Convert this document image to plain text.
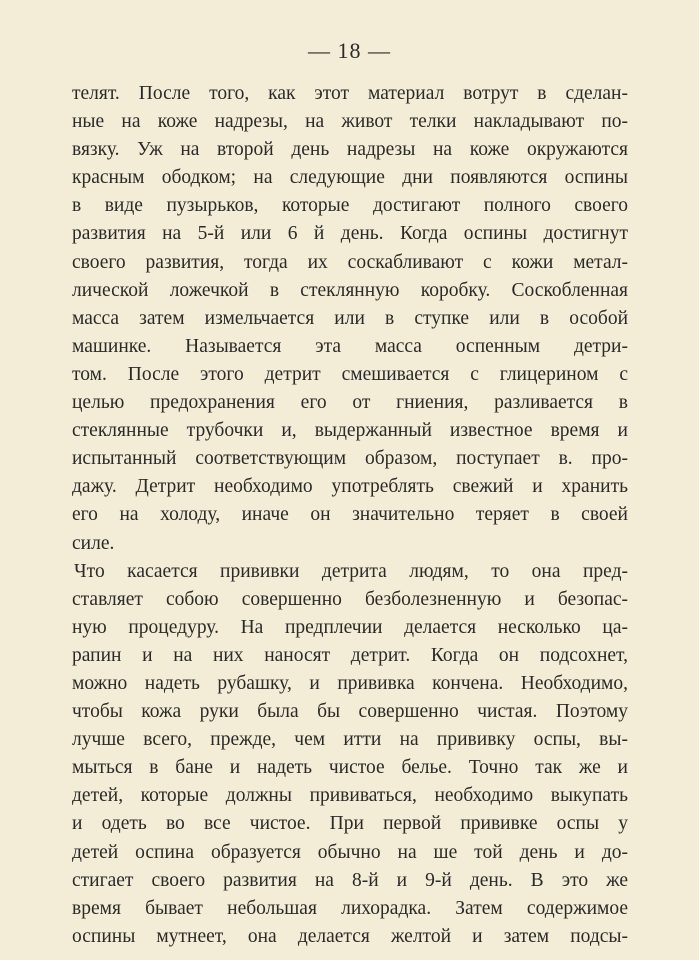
— 18 —
телят. После того, как этот материал вотрут в сделан-
ные на коже надрезы, на живот телки накладывают по-
вязку. Уж на второй день надрезы на коже окружаются
красным ободком; на следующие дни появляются оспины
в виде пузырьков, которые достигают полного своего
развития на 5-й или 6 й день. Когда оспины достигнут
своего развития, тогда их соскабливают с кожи метал-
лической ложечкой в стеклянную коробку. Соскобленная
масса затем измельчается или в ступке или в особой
машинке. Называется эта масса оспенным детри-
том. После этого детрит смешивается с глицерином с
целью предохранения его от гниения, разливается в
стеклянные трубочки и, выдержанный известное время и
испытанный соответствующим образом, поступает в. про-
дажу. Детрит необходимо употреблять свежий и хранить
его на холоду, иначе он значительно теряет в своей
силе.
Что касается прививки детрита людям, то она пред-
ставляет собою совершенно безболезненную и безопас-
ную процедуру. На предплечии делается несколько ца-
рапин и на них наносят детрит. Когда он подсохнет,
можно надеть рубашку, и прививка кончена. Необходимо,
чтобы кожа руки была бы совершенно чистая. Поэтому
лучше всего, прежде, чем итти на прививку оспы, вы-
мыться в бане и надеть чистое белье. Точно так же и
детей, которые должны прививаться, необходимо выкупать
и одеть во все чистое. При первой прививке оспы у
детей оспина образуется обычно на ше той день и до-
стигает своего развития на 8-й и 9-й день. В это же
время бывает небольшая лихорадка. Затем содержимое
оспины мутнеет, она делается желтой и затем подсы-
